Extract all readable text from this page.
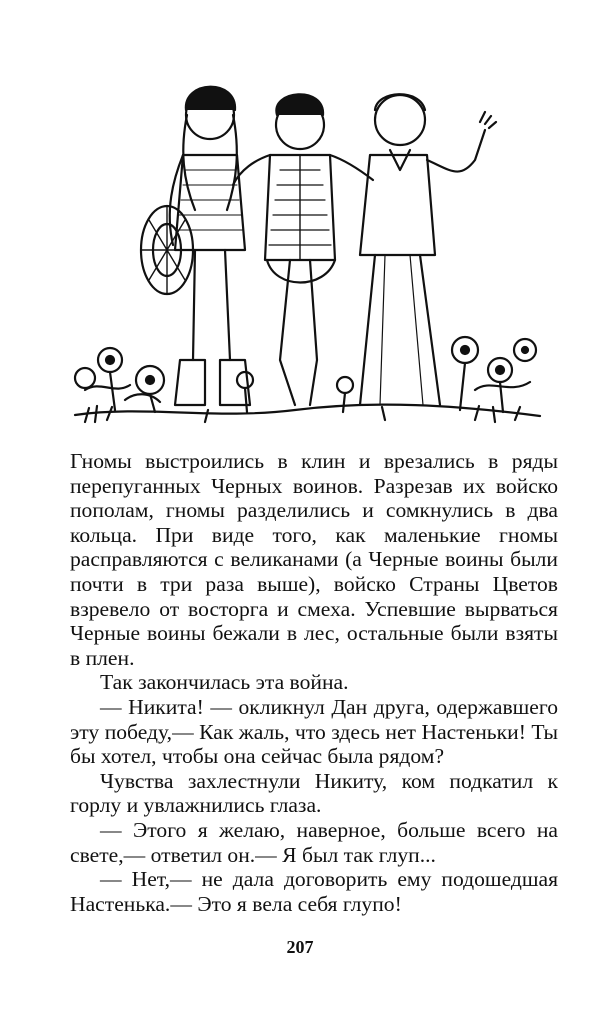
Гномы выстроились в клин и врезались в ряды перепуганных Черных воинов. Разрезав их войско пополам, гномы разделились и сомкнулись в два кольца. При виде того, как маленькие гномы расправляются с великанами (а Черные воины были почти в три раза выше), войско Страны Цветов взревело от восторга и смеха. Успевшие вырваться Черные воины бежали в лес, остальные были взяты в плен.

Так закончилась эта война.

— Никита! — окликнул Дан друга, одержавшего эту победу,— Как жаль, что здесь нет Настеньки! Ты бы хотел, чтобы она сейчас была рядом?

Чувства захлестнули Никиту, ком подкатил к горлу и увлажнились глаза.

— Этого я желаю, наверное, больше всего на свете,— ответил он.— Я был так глуп...

— Нет,— не дала договорить ему подошедшая Настенька.— Это я вела себя глупо!

207
